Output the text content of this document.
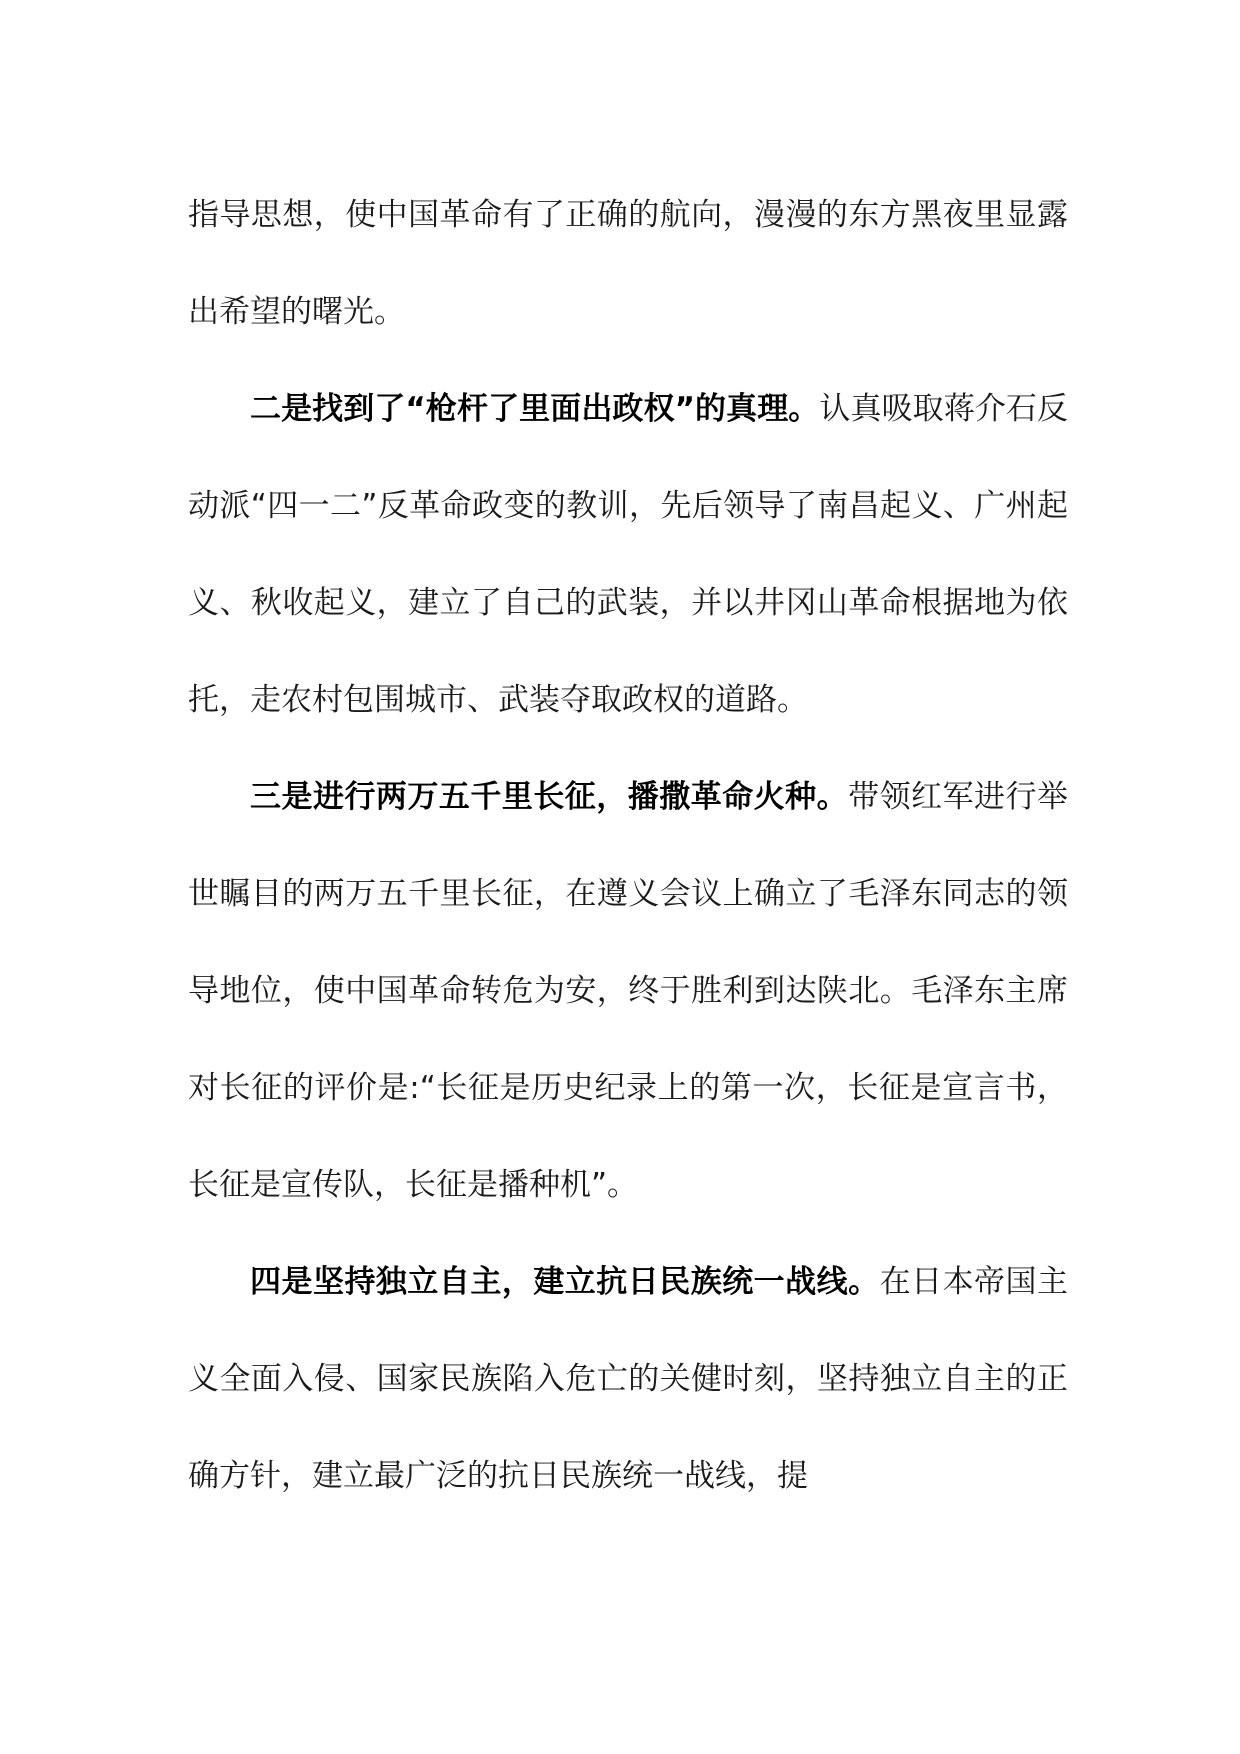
指导思想，使中国革命有了正确的航向，漫漫的东方黑夜里显露出希望的曙光。

二是找到了“枪杆了里面出政权”的真理。认真吸取蒋介石反动派“四一二”反革命政变的教训，先后领导了南昌起义、广州起义、秋收起义，建立了自己的武装，并以井冈山革命根据地为依托，走农村包围城市、武装夺取政权的道路。

三是进行两万五千里长征，播撒革命火种。带领红军进行举世瞩目的两万五千里长征，在遵义会议上确立了毛泽东同志的领导地位，使中国革命转危为安，终于胜利到达陕北。毛泽东主席对长征的评价是:“长征是历史纪录上的第一次，长征是宣言书，长征是宣传队，长征是播种机”。

四是坚持独立自主，建立抗日民族统一战线。在日本帝国主义全面入侵、国家民族陷入危亡的关健时刻，坚持独立自主的正确方针，建立最广泛的抗日民族统一战线，提
